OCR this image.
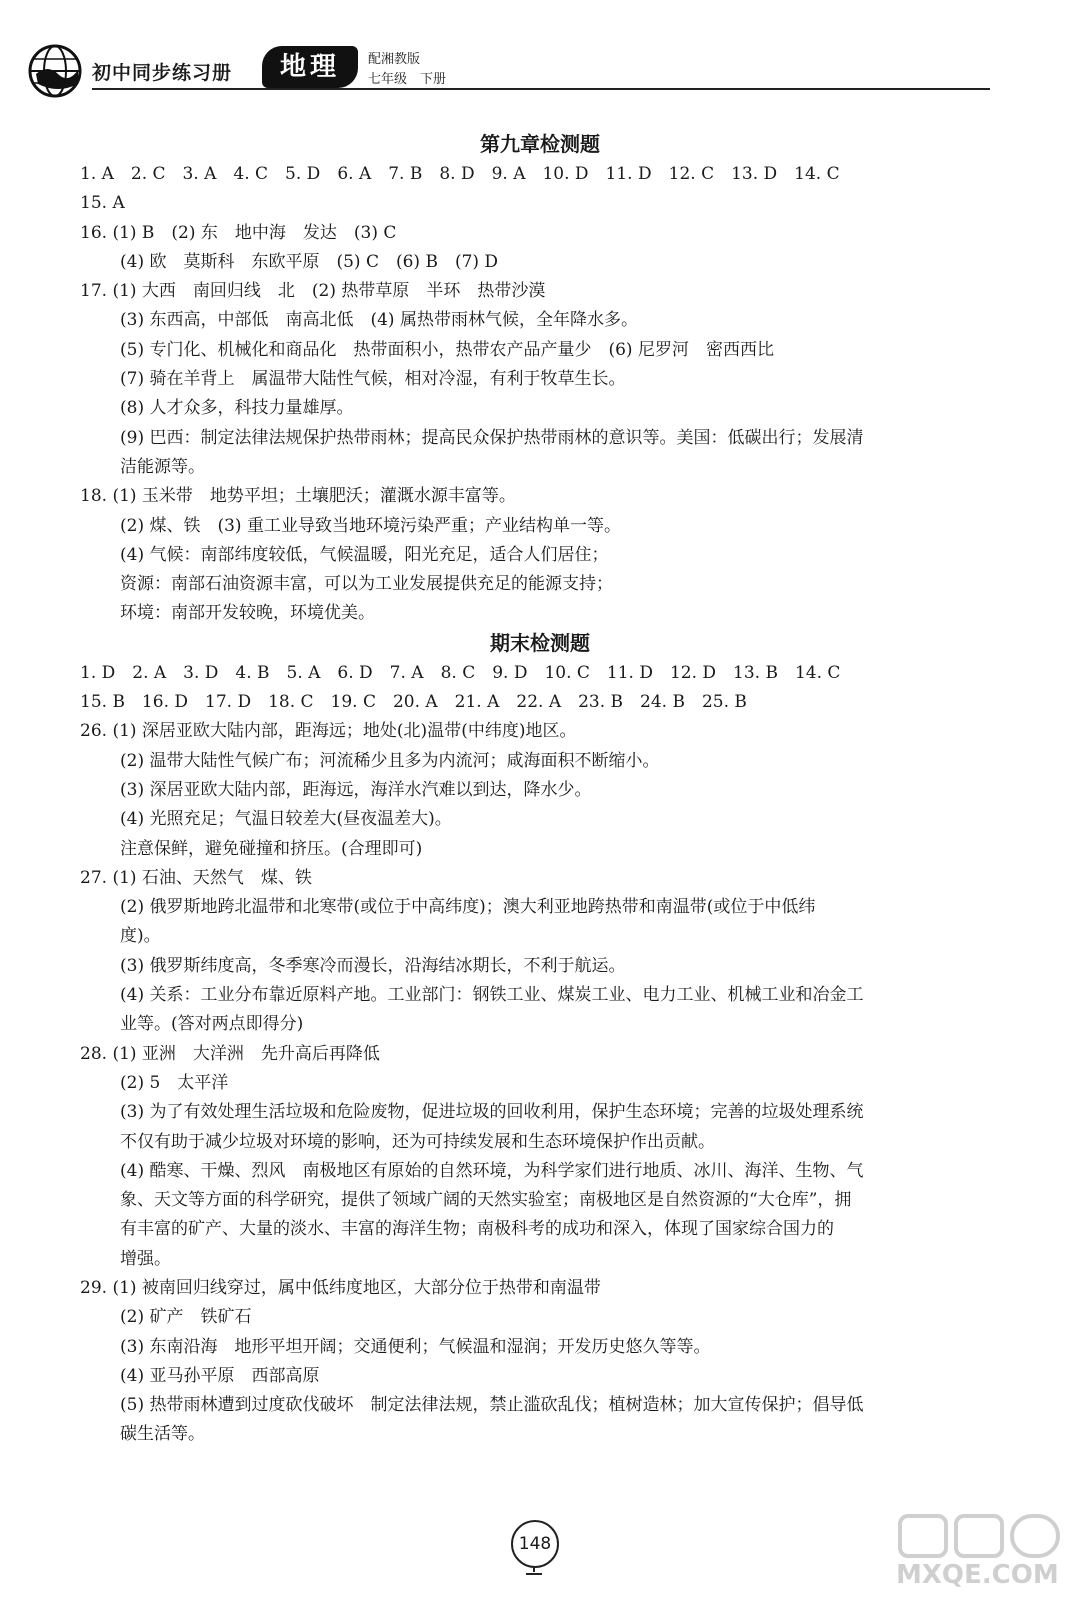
初中同步练习册	地理	配湘教版
七年级　下册
第九章检测题
1. A　2. C　3. A　4. C　5. D　6. A　7. B　8. D　9. A　10. D　11. D　12. C　13. D　14. C
15. A
16. (1) B　(2) 东　地中海　发达　(3) C
(4) 欧　莫斯科　东欧平原　(5) C　(6) B　(7) D
17. (1) 大西　南回归线　北　(2) 热带草原　半环　热带沙漠
(3) 东西高，中部低　南高北低　(4) 属热带雨林气候，全年降水多。
(5) 专门化、机械化和商品化　热带面积小，热带农产品产量少　(6) 尼罗河　密西西比
(7) 骑在羊背上　属温带大陆性气候，相对冷湿，有利于牧草生长。
(8) 人才众多，科技力量雄厚。
(9) 巴西：制定法律法规保护热带雨林；提高民众保护热带雨林的意识等。美国：低碳出行；发展清
洁能源等。
18. (1) 玉米带　地势平坦；土壤肥沃；灌溉水源丰富等。
(2) 煤、铁　(3) 重工业导致当地环境污染严重；产业结构单一等。
(4) 气候：南部纬度较低，气候温暖，阳光充足，适合人们居住；
资源：南部石油资源丰富，可以为工业发展提供充足的能源支持；
环境：南部开发较晚，环境优美。
期末检测题
1. D　2. A　3. D　4. B　5. A　6. D　7. A　8. C　9. D　10. C　11. D　12. D　13. B　14. C
15. B　16. D　17. D　18. C　19. C　20. A　21. A　22. A　23. B　24. B　25. B
26. (1) 深居亚欧大陆内部，距海远；地处(北)温带(中纬度)地区。
(2) 温带大陆性气候广布；河流稀少且多为内流河；咸海面积不断缩小。
(3) 深居亚欧大陆内部，距海远，海洋水汽难以到达，降水少。
(4) 光照充足；气温日较差大(昼夜温差大)。
注意保鲜，避免碰撞和挤压。(合理即可)
27. (1) 石油、天然气　煤、铁
(2) 俄罗斯地跨北温带和北寒带(或位于中高纬度)；澳大利亚地跨热带和南温带(或位于中低纬
度)。
(3) 俄罗斯纬度高，冬季寒冷而漫长，沿海结冰期长，不利于航运。
(4) 关系：工业分布靠近原料产地。工业部门：钢铁工业、煤炭工业、电力工业、机械工业和冶金工
业等。(答对两点即得分)
28. (1) 亚洲　大洋洲　先升高后再降低
(2) 5　太平洋
(3) 为了有效处理生活垃圾和危险废物，促进垃圾的回收利用，保护生态环境；完善的垃圾处理系统
不仅有助于减少垃圾对环境的影响，还为可持续发展和生态环境保护作出贡献。
(4) 酷寒、干燥、烈风　南极地区有原始的自然环境，为科学家们进行地质、冰川、海洋、生物、气
象、天文等方面的科学研究，提供了领域广阔的天然实验室；南极地区是自然资源的“大仓库”，拥
有丰富的矿产、大量的淡水、丰富的海洋生物；南极科考的成功和深入，体现了国家综合国力的
增强。
29. (1) 被南回归线穿过，属中低纬度地区，大部分位于热带和南温带
(2) 矿产　铁矿石
(3) 东南沿海　地形平坦开阔；交通便利；气候温和湿润；开发历史悠久等等。
(4) 亚马孙平原　西部高原
(5) 热带雨林遭到过度砍伐破坏　制定法律法规，禁止滥砍乱伐；植树造林；加大宣传保护；倡导低
碳生活等。
148
MXQE.COM
